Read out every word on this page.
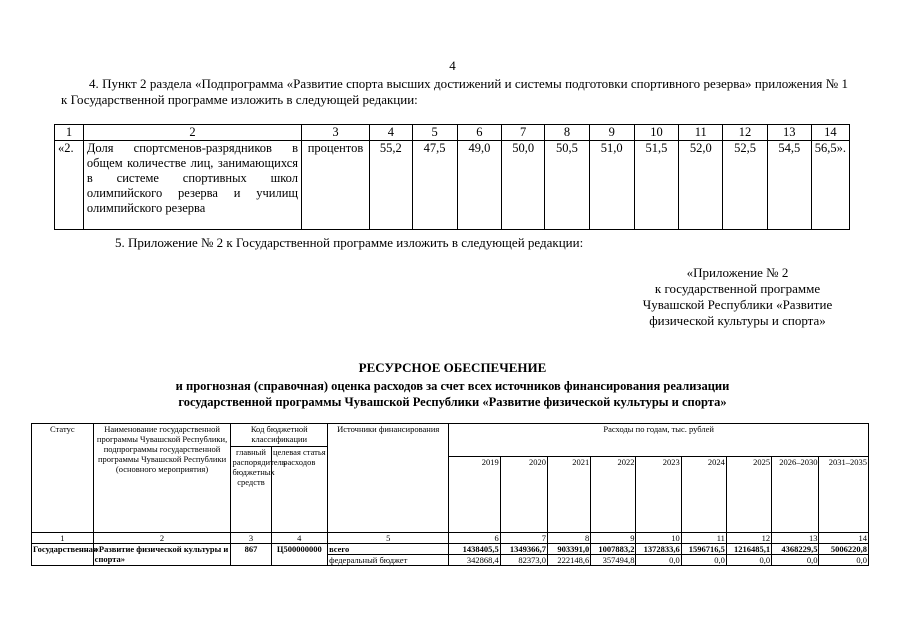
4
4. Пункт 2 раздела «Подпрограмма «Развитие спорта высших достижений и системы подготовки спортивного резерва» приложения № 1 к Государственной программе изложить в следующей редакции:
1	2	3	4	5	6	7	8	9	10	11	12	13	14
«2.	Доля спортсменов-разрядников в общем количестве лиц, занимающихся в системе спортивных школ олимпийского резерва и училищ олимпийского резерва	процентов	55,2	47,5	49,0	50,0	50,5	51,0	51,5	52,0	52,5	54,5	56,5».
5. Приложение № 2 к Государственной программе изложить в следующей редакции:
«Приложение № 2
к государственной программе
Чувашской Республики «Развитие
физической культуры и спорта»
РЕСУРСНОЕ ОБЕСПЕЧЕНИЕ
и прогнозная (справочная) оценка расходов за счет всех источников финансирования реализации
государственной программы Чувашской Республики «Развитие физической культуры и спорта»
Статус	Наименование государственной программы Чувашской Республики, подпрограммы государственной программы Чувашской Республики (основного мероприятия)	Код бюджетной классификации		Источники финансирования	Расходы по годам, тыс. рублей								
		главный распорядитель бюджетных средств	целевая статья расходов										
					2019	2020	2021	2022	2023	2024	2025	2026–2030	2031–2035
1	2	3	4	5	6	7	8	9	10	11	12	13	14
Государственная	«Развитие физической культуры и спорта»	867	Ц500000000	всего	1438405,5	1349366,7	903391,0	1007883,2	1372833,6	1596716,5	1216485,1	4368229,5	5006220,8
				федеральный бюджет	342868,4	82373,0	222148,6	357494,8	0,0	0,0	0,0	0,0	0,0
